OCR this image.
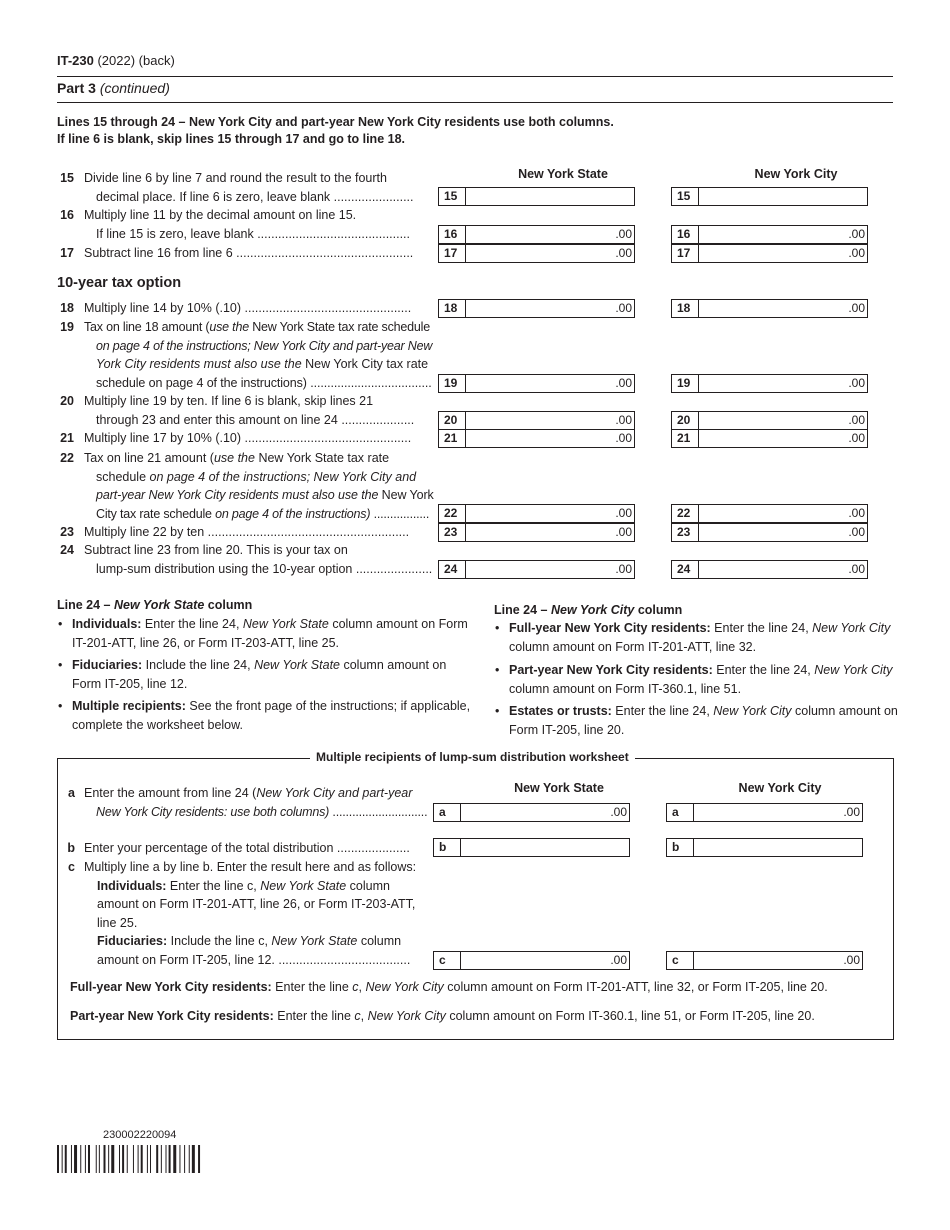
IT-230 (2022) (back)
Part 3 (continued)
Lines 15 through 24 – New York City and part-year New York City residents use both columns.
If line 6 is blank, skip lines 15 through 17 and go to line 18.
New York State	New York City
10-year tax option
15 Divide line 6 by line 7 and round the result to the fourth
decimal place. If line 6 is zero, leave blank .......................	15	15
16 Multiply line 11 by the decimal amount on line 15.
If line 15 is zero, leave blank ............................................	16	.00	16	.00
17 Subtract line 16 from line 6 ...................................................	17	.00	17	.00
18 Multiply line 14 by 10% (.10) ................................................	18	.00	18	.00
19 Tax on line 18 amount (use the New York State tax rate schedule
on page 4 of the instructions; New York City and part-year New
York City residents must also use the New York City tax rate
schedule on page 4 of the instructions) ....................................	19	.00	19	.00
20 Multiply line 19 by ten. If line 6 is blank, skip lines 21
through 23 and enter this amount on line 24 .....................	20	.00	20	.00
21 Multiply line 17 by 10% (.10) ................................................	21	.00	21	.00
22 Tax on line 21 amount (use the New York State tax rate
schedule on page 4 of the instructions; New York City and
part-year New York City residents must also use the New York
City tax rate schedule on page 4 of the instructions) .................	22	.00	22	.00
23 Multiply line 22 by ten ..........................................................	23	.00	23	.00
24 Subtract line 23 from line 20. This is your tax on
lump-sum distribution using the 10-year option ...................... 24	.00	24	.00
Line 24 – New York State column
•Individuals: Enter the line 24, New York State column amount on Form IT-201-ATT, line 26, or Form IT-203-ATT, line 25.
•Fiduciaries: Include the line 24, New York State column amount on Form IT-205, line 12.
•Multiple recipients: See the front page of the instructions; if applicable, complete the worksheet below.
Line 24 – New York City column
•Full-year New York City residents: Enter the line 24, New York City column amount on Form IT-201-ATT, line 32.
•Part-year New York City residents: Enter the line 24, New York City column amount on Form IT-360.1, line 51.
•Estates or trusts: Enter the line 24, New York City column amount on Form IT-205, line 20.
Multiple recipients of lump-sum distribution worksheet
New York State	New York City
a Enter the amount from line 24 (New York City and part-year
New York City residents: use both columns) ............................. a	.00	a	.00
b Enter your percentage of the total distribution .....................	b	b
c Multiply line a by line b. Enter the result here and as follows:
Individuals: Enter the line c, New York State column
amount on Form IT-201-ATT, line 26, or Form IT-203-ATT,
line 25.
Fiduciaries: Include the line c, New York State column
amount on Form IT-205, line 12. ......................................	c	.00	c	.00
Full-year New York City residents: Enter the line c, New York City column amount on Form IT-201-ATT, line 32, or Form IT-205, line 20.
Part-year New York City residents: Enter the line c, New York City column amount on Form IT-360.1, line 51, or Form IT-205, line 20.
230002220094
